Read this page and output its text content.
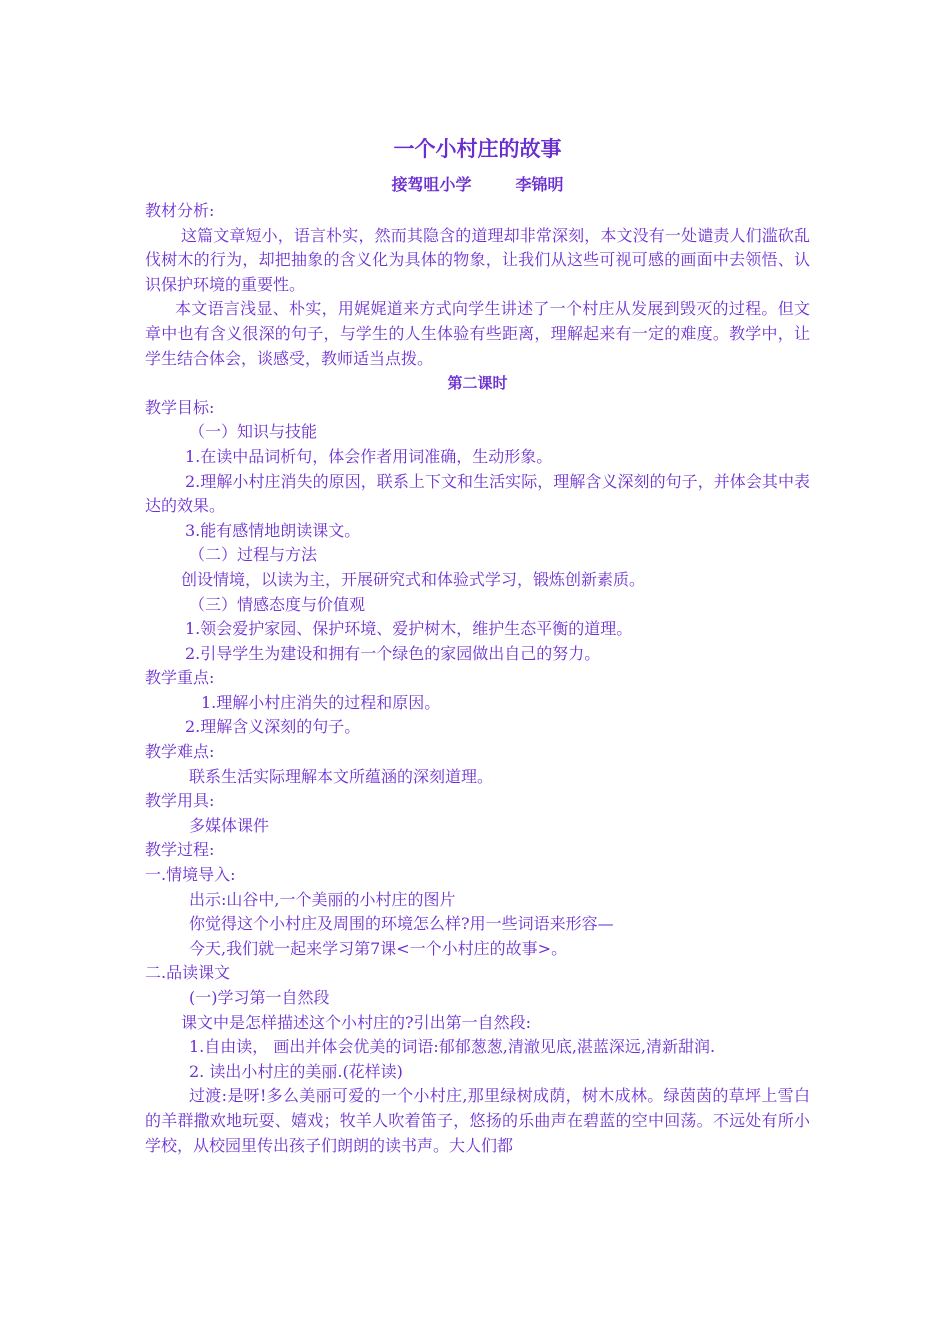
一个小村庄的故事
接驾咀小学	李锦明

教材分析:

这篇文章短小，语言朴实，然而其隐含的道理却非常深刻，本文没有一处谴责人们滥砍乱伐树木的行为，却把抽象的含义化为具体的物象，让我们从这些可视可感的画面中去领悟、认识保护环境的重要性。

本文语言浅显、朴实，用娓娓道来方式向学生讲述了一个村庄从发展到毁灭的过程。但文章中也有含义很深的句子，与学生的人生体验有些距离，理解起来有一定的难度。教学中，让学生结合体会，谈感受，教师适当点拨。

第二课时

教学目标:

（一）知识与技能

1.在读中品词析句，体会作者用词准确，生动形象。

2.理解小村庄消失的原因，联系上下文和生活实际，理解含义深刻的句子，并体会其中表达的效果。

3.能有感情地朗读课文。

（二）过程与方法

创设情境，以读为主，开展研究式和体验式学习，锻炼创新素质。

（三）情感态度与价值观

1.领会爱护家园、保护环境、爱护树木，维护生态平衡的道理。

2.引导学生为建设和拥有一个绿色的家园做出自己的努力。

教学重点:

1.理解小村庄消失的过程和原因。

2.理解含义深刻的句子。

教学难点:

联系生活实际理解本文所蕴涵的深刻道理。

教学用具:

多媒体课件

教学过程:

一.情境导入:

出示:山谷中,一个美丽的小村庄的图片

你觉得这个小村庄及周围的环境怎么样?用一些词语来形容—

今天,我们就一起来学习第7课<一个小村庄的故事>。

二.品读课文

(一)学习第一自然段

课文中是怎样描述这个小村庄的?引出第一自然段:

1.自由读， 画出并体会优美的词语:郁郁葱葱,清澈见底,湛蓝深远,清新甜润.

2. 读出小村庄的美丽.(花样读)

过渡:是呀!多么美丽可爱的一个小村庄,那里绿树成荫，树木成林。绿茵茵的草坪上雪白的羊群撒欢地玩耍、嬉戏；牧羊人吹着笛子，悠扬的乐曲声在碧蓝的空中回荡。不远处有所小学校，从校园里传出孩子们朗朗的读书声。大人们都
